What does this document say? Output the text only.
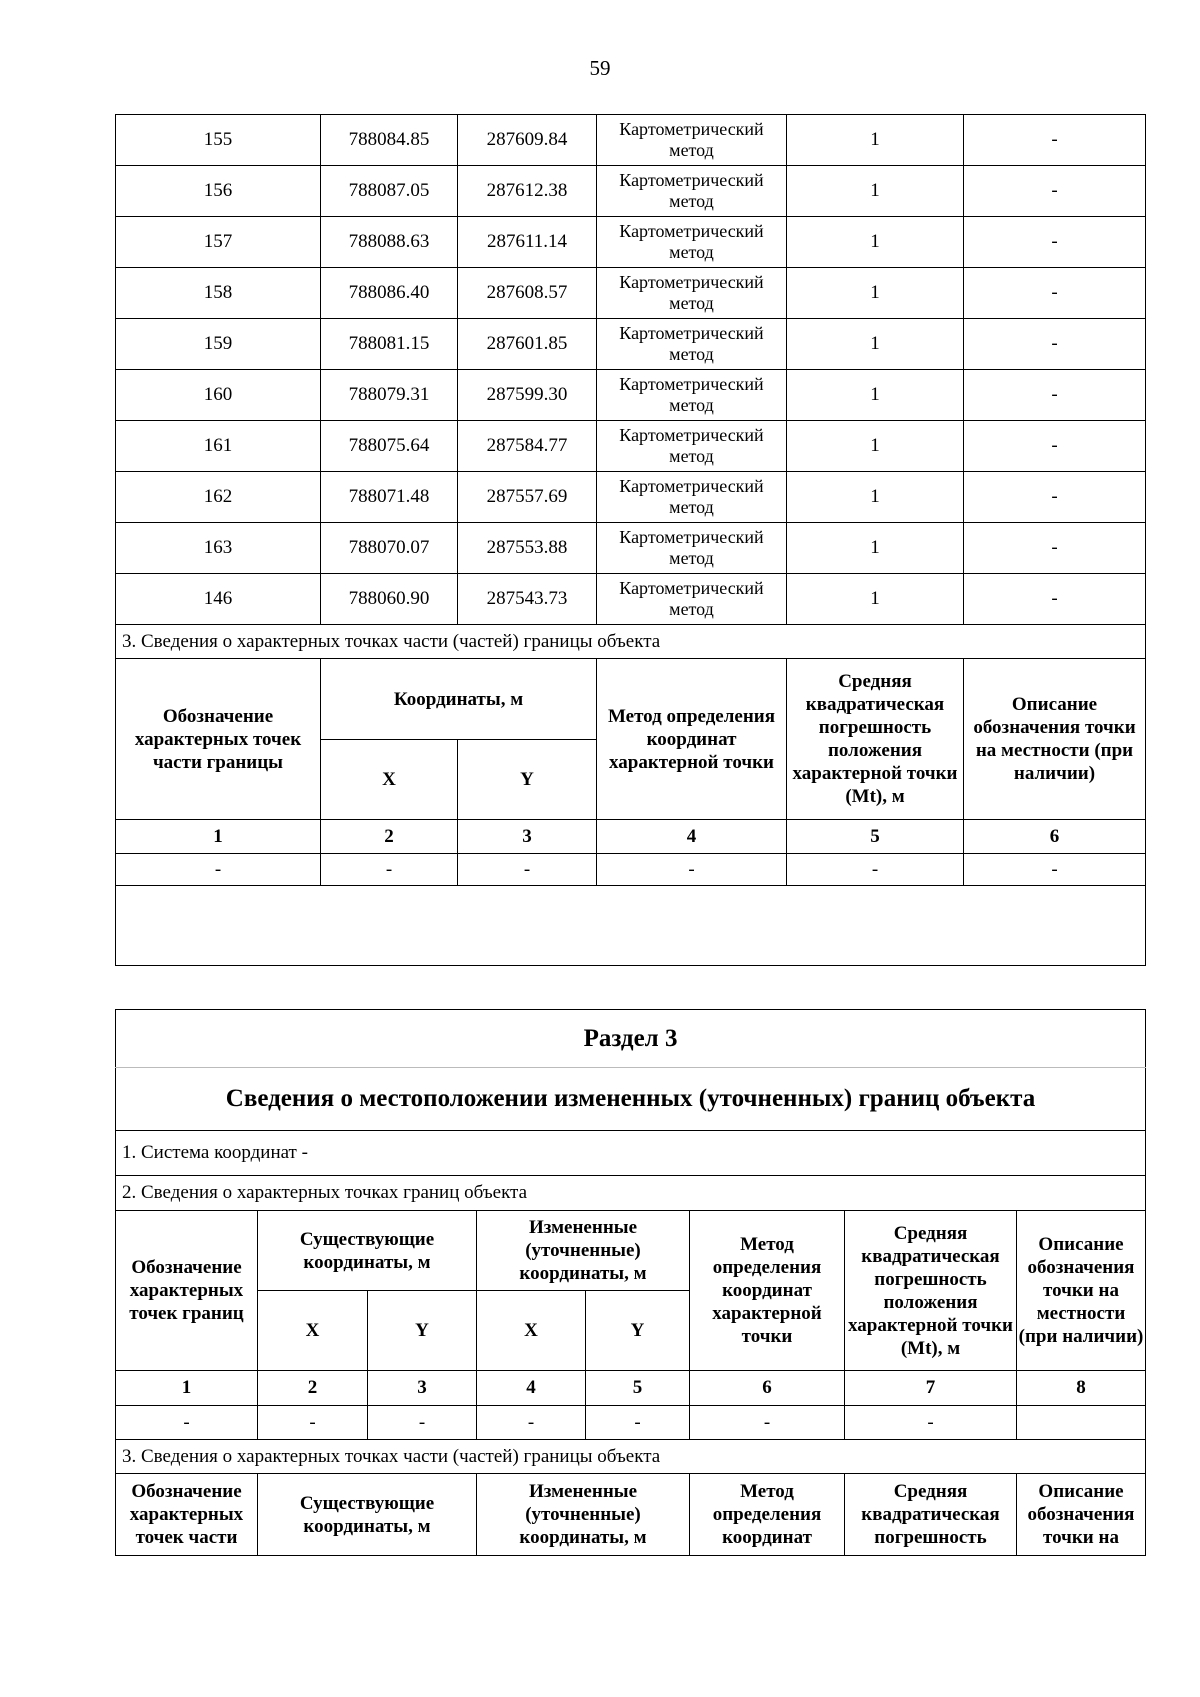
59
155	788084.85	287609.84	Картометрический метод	1	-
156	788087.05	287612.38	Картометрический метод	1	-
157	788088.63	287611.14	Картометрический метод	1	-
158	788086.40	287608.57	Картометрический метод	1	-
159	788081.15	287601.85	Картометрический метод	1	-
160	788079.31	287599.30	Картометрический метод	1	-
161	788075.64	287584.77	Картометрический метод	1	-
162	788071.48	287557.69	Картометрический метод	1	-
163	788070.07	287553.88	Картометрический метод	1	-
146	788060.90	287543.73	Картометрический метод	1	-
3. Сведения о характерных точках части (частей) границы объекта					
Обозначение характерных точек части границы	Координаты, м		Метод определения координат характерной точки	Средняя квадратическая погрешность положения характерной точки (Mt), м	Описание обозначения точки на местности (при наличии)
	X	Y			
1	2	3	4	5	6
-	-	-	-	-	-

Раздел 3							
Сведения о местоположении измененных (уточненных) границ объекта							
1. Система координат -							
2. Сведения о характерных точках границ объекта							
Обозначение характерных точек границ	Существующие координаты, м		Измененные (уточненные) координаты, м		Метод определения координат характерной точки	Средняя квадратическая погрешность положения характерной точки (Mt), м	Описание обозначения точки на местности (при наличии)
	X	Y	X	Y			
1	2	3	4	5	6	7	8
-	-	-	-	-	-	-	
3. Сведения о характерных точках части (частей) границы объекта							
Обозначение характерных точек части	Существующие координаты, м		Измененные (уточненные) координаты, м		Метод определения координат	Средняя квадратическая погрешность	Описание обозначения точки на
